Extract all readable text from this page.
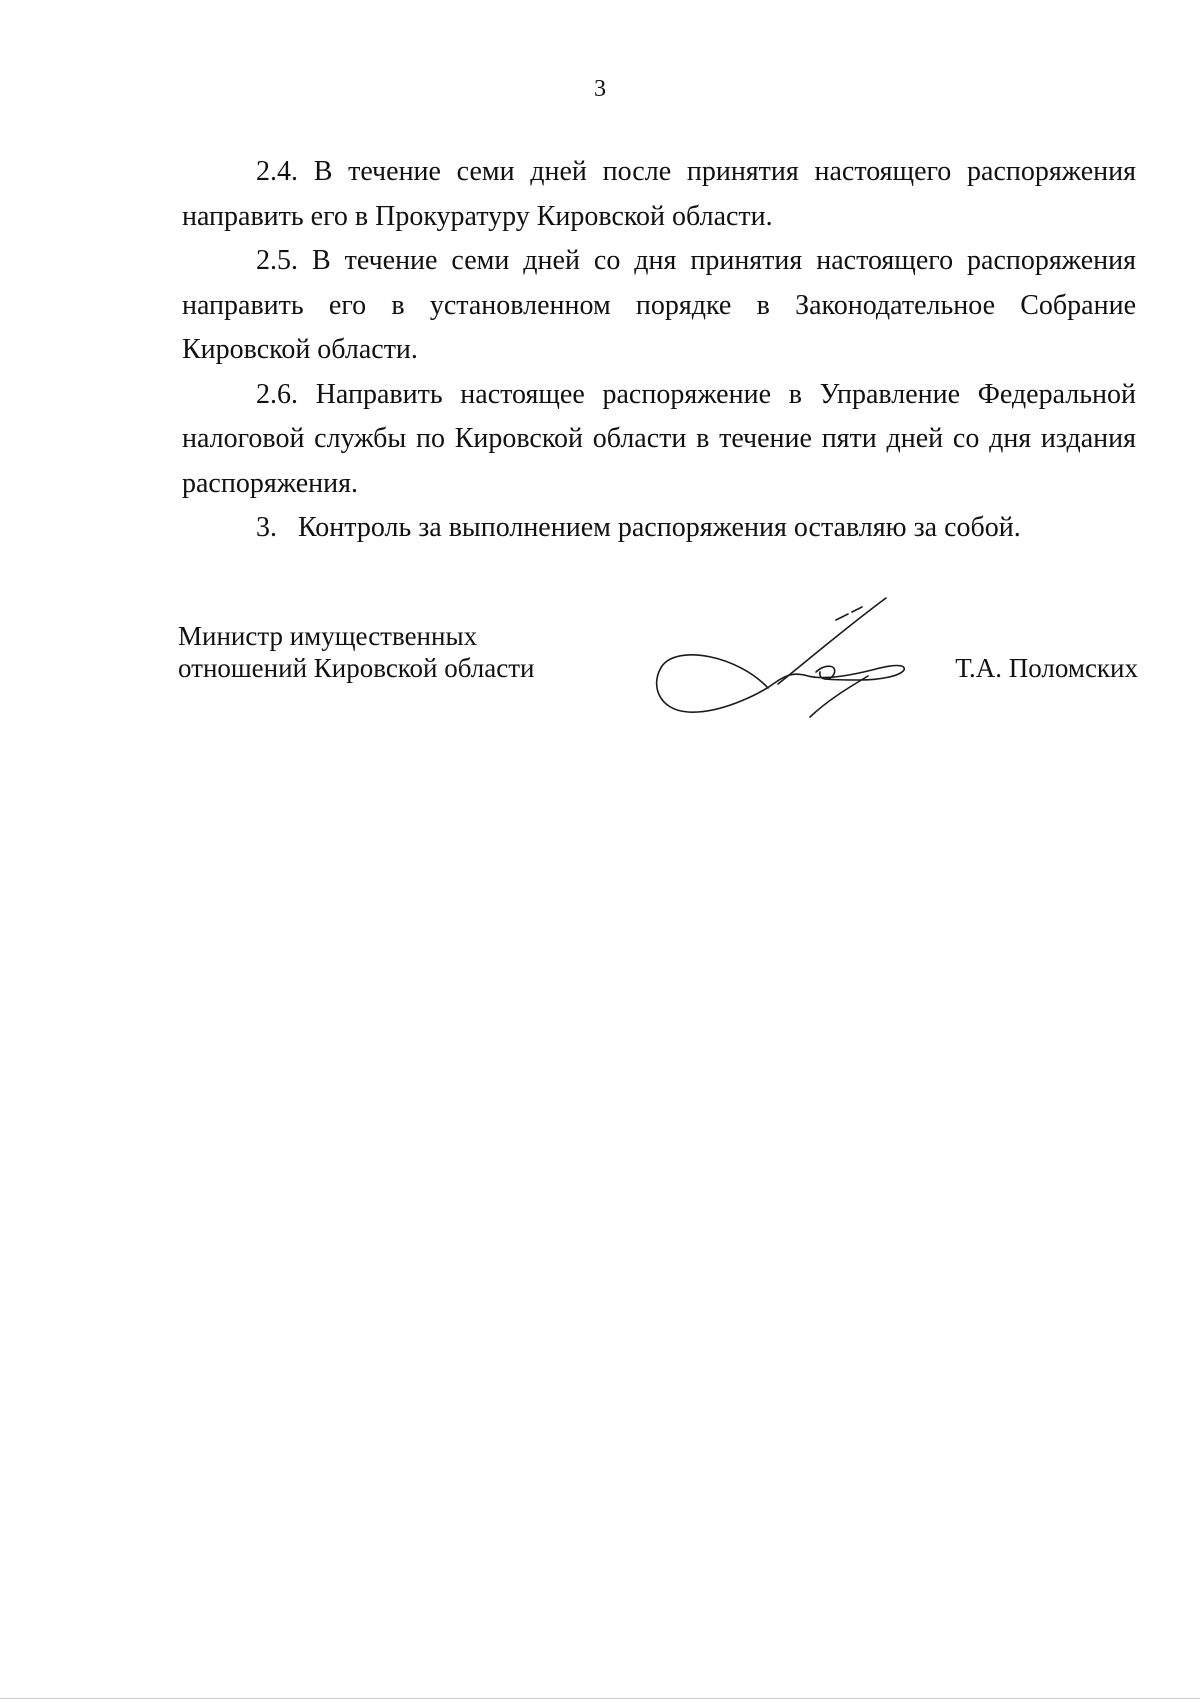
3

2.4. В течение семи дней после принятия настоящего распоряжения направить его в Прокуратуру Кировской области.

2.5. В течение семи дней со дня принятия настоящего распоряжения направить его в установленном порядке в Законодательное Собрание Кировской области.

2.6. Направить настоящее распоряжение в Управление Федеральной налоговой службы по Кировской области в течение пяти дней со дня издания распоряжения.

3.   Контроль за выполнением распоряжения оставляю за собой.

Министр имущественных
отношений Кировской области	Т.А. Поломских
